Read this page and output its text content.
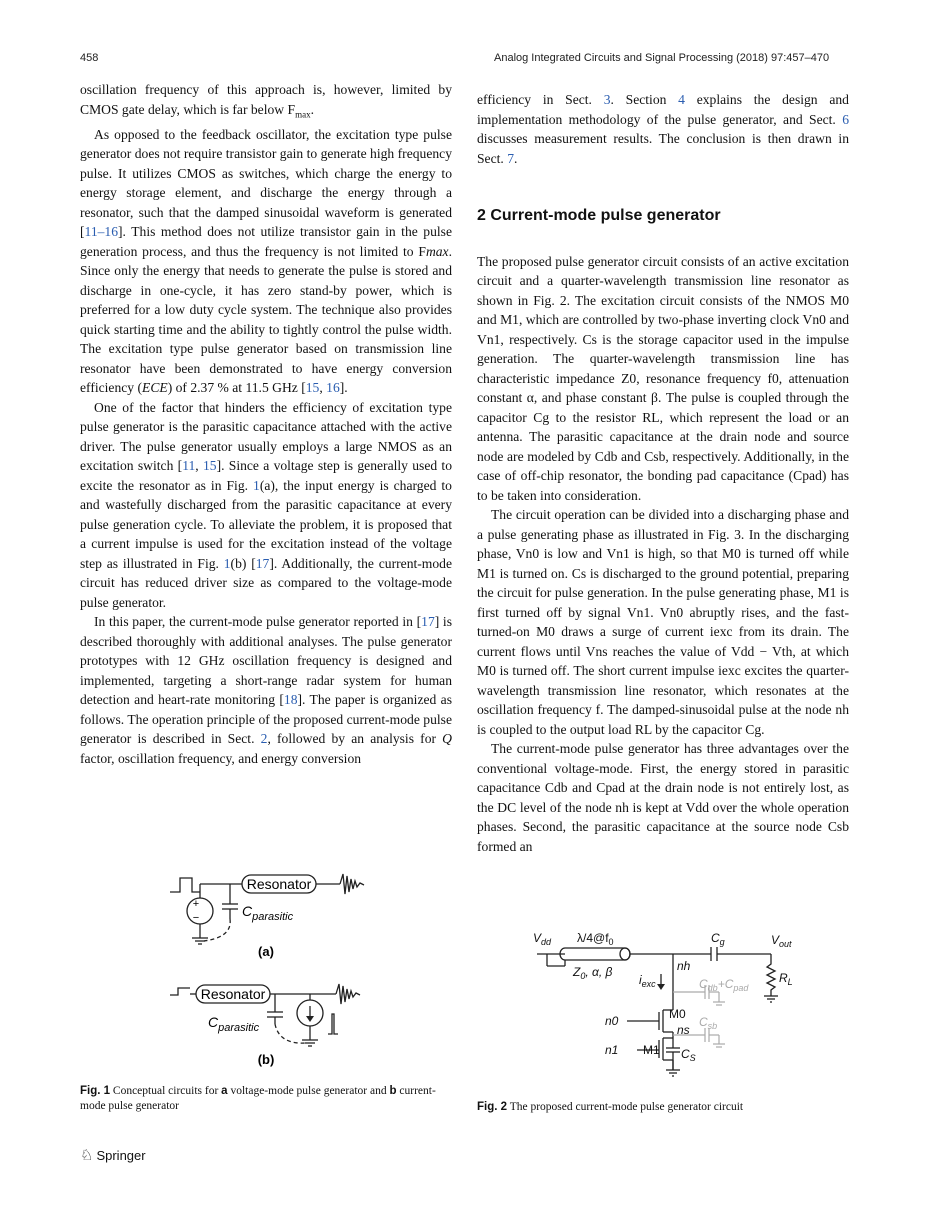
458	Analog Integrated Circuits and Signal Processing (2018) 97:457–470

oscillation frequency of this approach is, however, limited by CMOS gate delay, which is far below $F_{max}$.

As opposed to the feedback oscillator, the excitation type pulse generator does not require transistor gain to generate high frequency pulse. It utilizes CMOS as switches, which charge the energy to energy storage element, and discharge the energy through a resonator, such that the damped sinusoidal waveform is generated [11–16]. This method does not utilize transistor gain in the pulse generation process, and thus the frequency is not limited to Fmax. Since only the energy that needs to generate the pulse is stored and discharge in one-cycle, it has zero stand-by power, which is preferred for a low duty cycle system. The technique also provides quick starting time and the ability to tightly control the pulse width. The excitation type pulse generator based on transmission line resonator have been demonstrated to have energy conversion efficiency (ECE) of 2.37 % at 11.5 GHz [15, 16].

One of the factor that hinders the efficiency of excitation type pulse generator is the parasitic capacitance attached with the active driver. The pulse generator usually employs a large NMOS as an excitation switch [11, 15]. Since a voltage step is generally used to excite the resonator as in Fig. 1(a), the input energy is charged to and wastefully discharged from the parasitic capacitance at every pulse generation cycle. To alleviate the problem, it is proposed that a current impulse is used for the excitation instead of the voltage step as illustrated in Fig. 1(b) [17]. Additionally, the current-mode circuit has reduced driver size as compared to the voltage-mode pulse generator.

In this paper, the current-mode pulse generator reported in [17] is described thoroughly with additional analyses. The pulse generator prototypes with 12 GHz oscillation frequency is designed and implemented, targeting a short-range radar system for human detection and heart-rate monitoring [18]. The paper is organized as follows. The operation principle of the proposed current-mode pulse generator is described in Sect. 2, followed by an analysis for Q factor, oscillation frequency, and energy conversion

+
−
Resonator
Resonator
$C_{parasitic}$
$C_{parasitic}$
(a)
(b)
Fig. 1 Conceptual circuits for a voltage-mode pulse generator and b current-mode pulse generator

efficiency in Sect. 3. Section 4 explains the design and implementation methodology of the pulse generator, and Sect. 6 discusses measurement results. The conclusion is then drawn in Sect. 7.

2 Current-mode pulse generator

The proposed pulse generator circuit consists of an active excitation circuit and a quarter-wavelength transmission line resonator as shown in Fig. 2. The excitation circuit consists of the NMOS M0 and M1, which are controlled by two-phase inverting clock Vn0 and Vn1, respectively. Cs is the storage capacitor used in the impulse generation. The quarter-wavelength transmission line has characteristic impedance Z0, resonance frequency f0, attenuation constant α, and phase constant β. The pulse is coupled through the capacitor Cg to the resistor RL, which represent the load or an antenna. The parasitic capacitance at the drain node and source node are modeled by Cdb and Csb, respectively. Additionally, in the case of off-chip resonator, the bonding pad capacitance (Cpad) has to be taken into consideration.

The circuit operation can be divided into a discharging phase and a pulse generating phase as illustrated in Fig. 3. In the discharging phase, Vn0 is low and Vn1 is high, so that M0 is turned off while M1 is turned on. Cs is discharged to the ground potential, preparing the circuit for pulse generation. In the pulse generating phase, M1 is first turned off by signal Vn1. Vn0 abruptly rises, and the fast-turned-on M0 draws a surge of current iexc from its drain. The current flows until Vns reaches the value of Vdd − Vth, at which M0 is turned off. The short current impulse iexc excites the quarter-wavelength transmission line resonator, which resonates at the oscillation frequency f. The damped-sinusoidal pulse at the node nh is coupled to the output load RL by the capacitor Cg.

The current-mode pulse generator has three advantages over the conventional voltage-mode. First, the energy stored in parasitic capacitance Cdb and Cpad at the drain node is not entirely lost, as the DC level of the node nh is kept at Vdd over the whole operation phases. Second, the parasitic capacitance at the source node Csb formed an

$V_{dd}$ $\lambda/4@f_0$
$Z_0$, α, β
$C_g$	$V_{out}$
nh
$R_L$
$i_{exc}$	$C_{db}+C_{pad}$
$C_{sb}$
M0
n0
ns
n1 M1 $C_S$
Fig. 2 The proposed current-mode pulse generator circuit
♘ Springer
